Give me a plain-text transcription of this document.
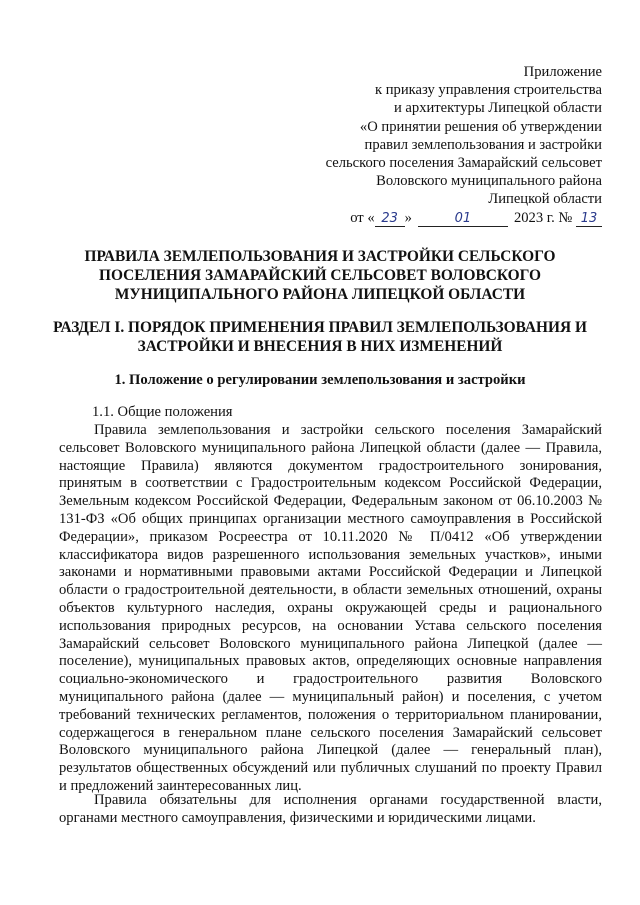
Приложение
к приказу управления строительства
и архитектуры Липецкой области
«О принятии решения об утверждении
правил землепользования и застройки
сельского поселения Замарайский сельсовет
Воловского муниципального района
Липецкой области
от « 23 »	01	2023 г. № 13
ПРАВИЛА ЗЕМЛЕПОЛЬЗОВАНИЯ И ЗАСТРОЙКИ СЕЛЬСКОГО
ПОСЕЛЕНИЯ ЗАМАРАЙСКИЙ СЕЛЬСОВЕТ ВОЛОВСКОГО
МУНИЦИПАЛЬНОГО РАЙОНА ЛИПЕЦКОЙ ОБЛАСТИ
РАЗДЕЛ I. ПОРЯДОК ПРИМЕНЕНИЯ ПРАВИЛ ЗЕМЛЕПОЛЬЗОВАНИЯ И
ЗАСТРОЙКИ И ВНЕСЕНИЯ В НИХ ИЗМЕНЕНИЙ
1. Положение о регулировании землепользования и застройки
1.1. Общие положения

Правила землепользования и застройки сельского поселения Замарайский сельсовет Воловского муниципального района Липецкой области (далее — Правила, настоящие Правила) являются документом градостроительного зонирования, принятым в соответствии с Градостроительным кодексом Российской Федерации, Земельным кодексом Российской Федерации, Федеральным законом от 06.10.2003 № 131-ФЗ «Об общих принципах организации местного самоуправления в Российской Федерации», приказом Росреестра от 10.11.2020 № П/0412 «Об утверждении классификатора видов разрешенного использования земельных участков», иными законами и нормативными правовыми актами Российской Федерации и Липецкой области о градостроительной деятельности, в области земельных отношений, охраны объектов культурного наследия, охраны окружающей среды и рационального использования природных ресурсов, на основании Устава сельского поселения Замарайский сельсовет Воловского муниципального района Липецкой (далее — поселение), муниципальных правовых актов, определяющих основные направления социально-экономического и градостроительного развития Воловского муниципального района (далее — муниципальный район) и поселения, с учетом требований технических регламентов, положения о территориальном планировании, содержащегося в генеральном плане сельского поселения Замарайский сельсовет Воловского муниципального района Липецкой (далее — генеральный план), результатов общественных обсуждений или публичных слушаний по проекту Правил и предложений заинтересованных лиц.

Правила обязательны для исполнения органами государственной власти, органами местного самоуправления, физическими и юридическими лицами.
